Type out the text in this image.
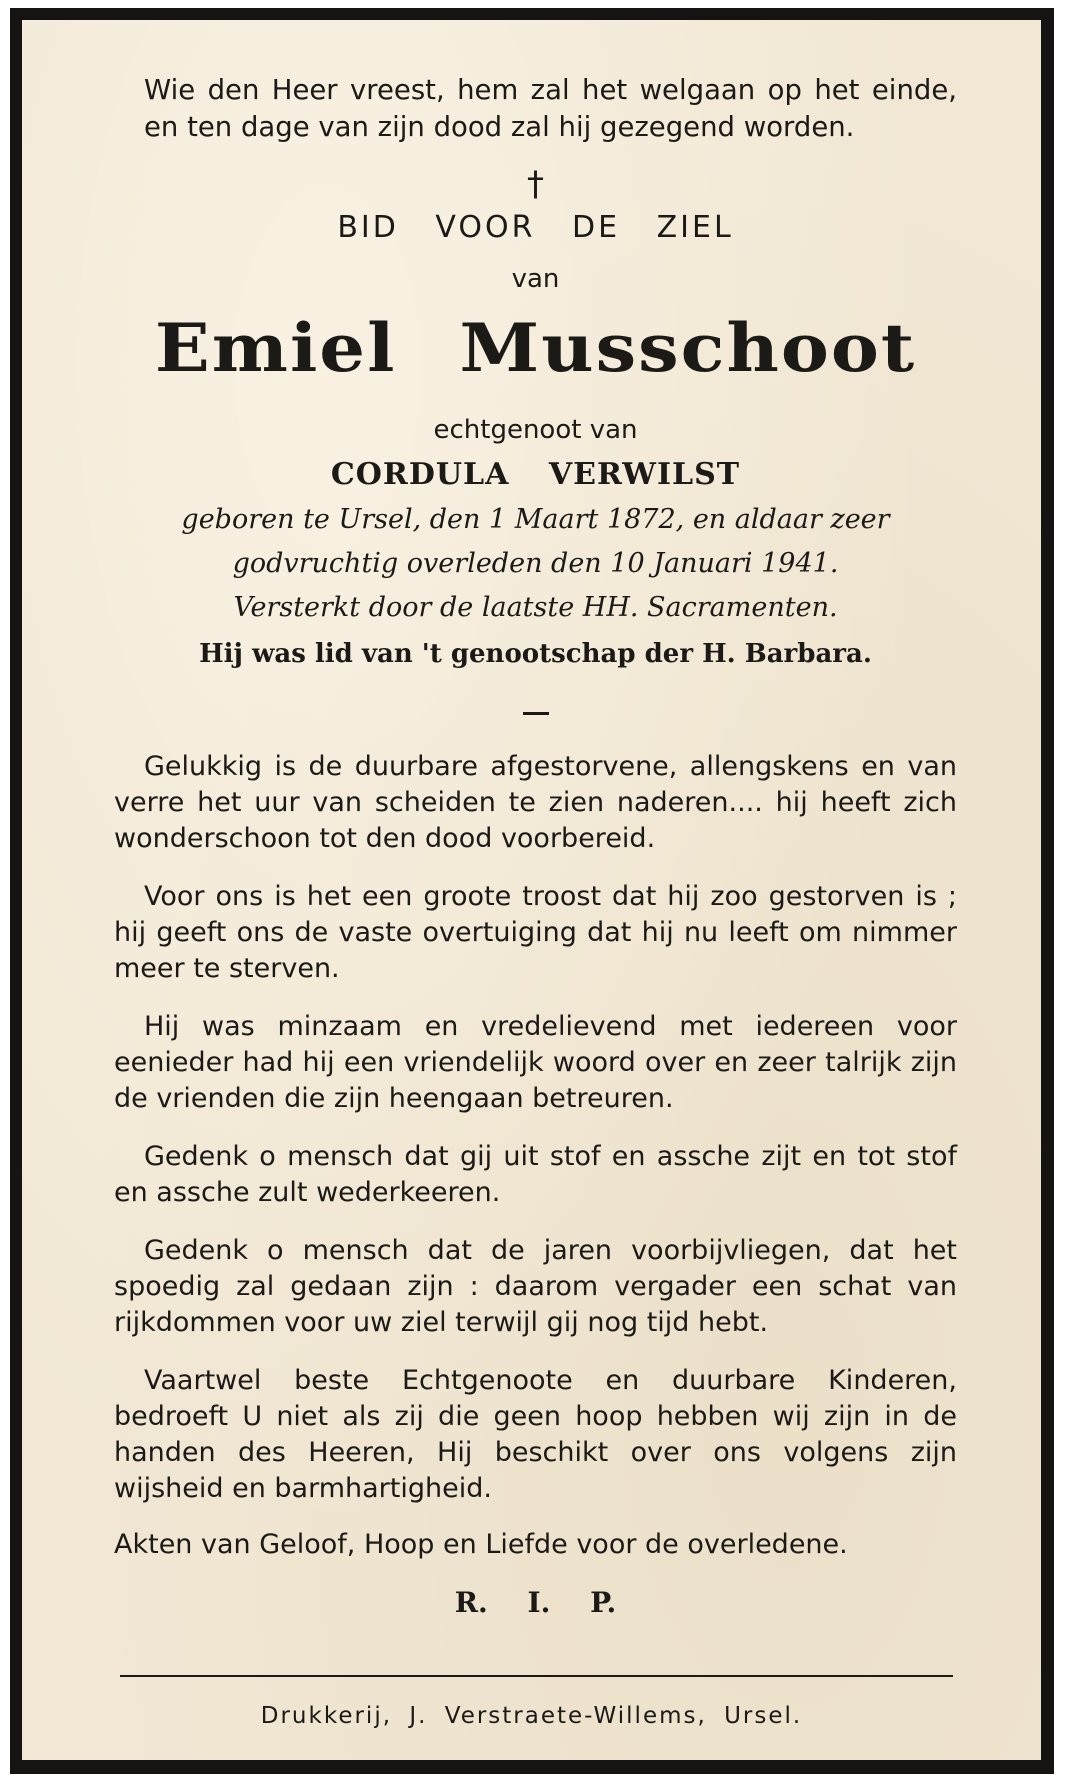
Wie den Heer vreest, hem zal het welgaan op het einde, en ten dage van zijn dood zal hij gezegend worden.

†
BID VOOR DE ZIEL
van
Emiel Musschoot
echtgenoot van
CORDULA VERWILST
geboren te Ursel, den 1 Maart 1872, en aldaar zeer
godvruchtig overleden den 10 Januari 1941.
Versterkt door de laatste HH. Sacramenten.
Hij was lid van 't genootschap der H. Barbara.

Gelukkig is de duurbare afgestorvene, allengskens en van verre het uur van scheiden te zien naderen.... hij heeft zich wonderschoon tot den dood voorbereid.

Voor ons is het een groote troost dat hij zoo gestorven is ; hij geeft ons de vaste overtuiging dat hij nu leeft om nimmer meer te sterven.

Hij was minzaam en vredelievend met iedereen voor eenieder had hij een vriendelijk woord over en zeer talrijk zijn de vrienden die zijn heengaan betreuren.

Gedenk o mensch dat gij uit stof en assche zijt en tot stof en assche zult wederkeeren.

Gedenk o mensch dat de jaren voorbijvliegen, dat het spoedig zal gedaan zijn : daarom vergader een schat van rijkdommen voor uw ziel terwijl gij nog tijd hebt.

Vaartwel beste Echtgenoote en duurbare Kinderen, bedroeft U niet als zij die geen hoop hebben wij zijn in de handen des Heeren, Hij beschikt over ons volgens zijn wijsheid en barmhartigheid.

Akten van Geloof, Hoop en Liefde voor de overledene.
R. I. P.
Drukkerij, J. Verstraete-Willems, Ursel.
